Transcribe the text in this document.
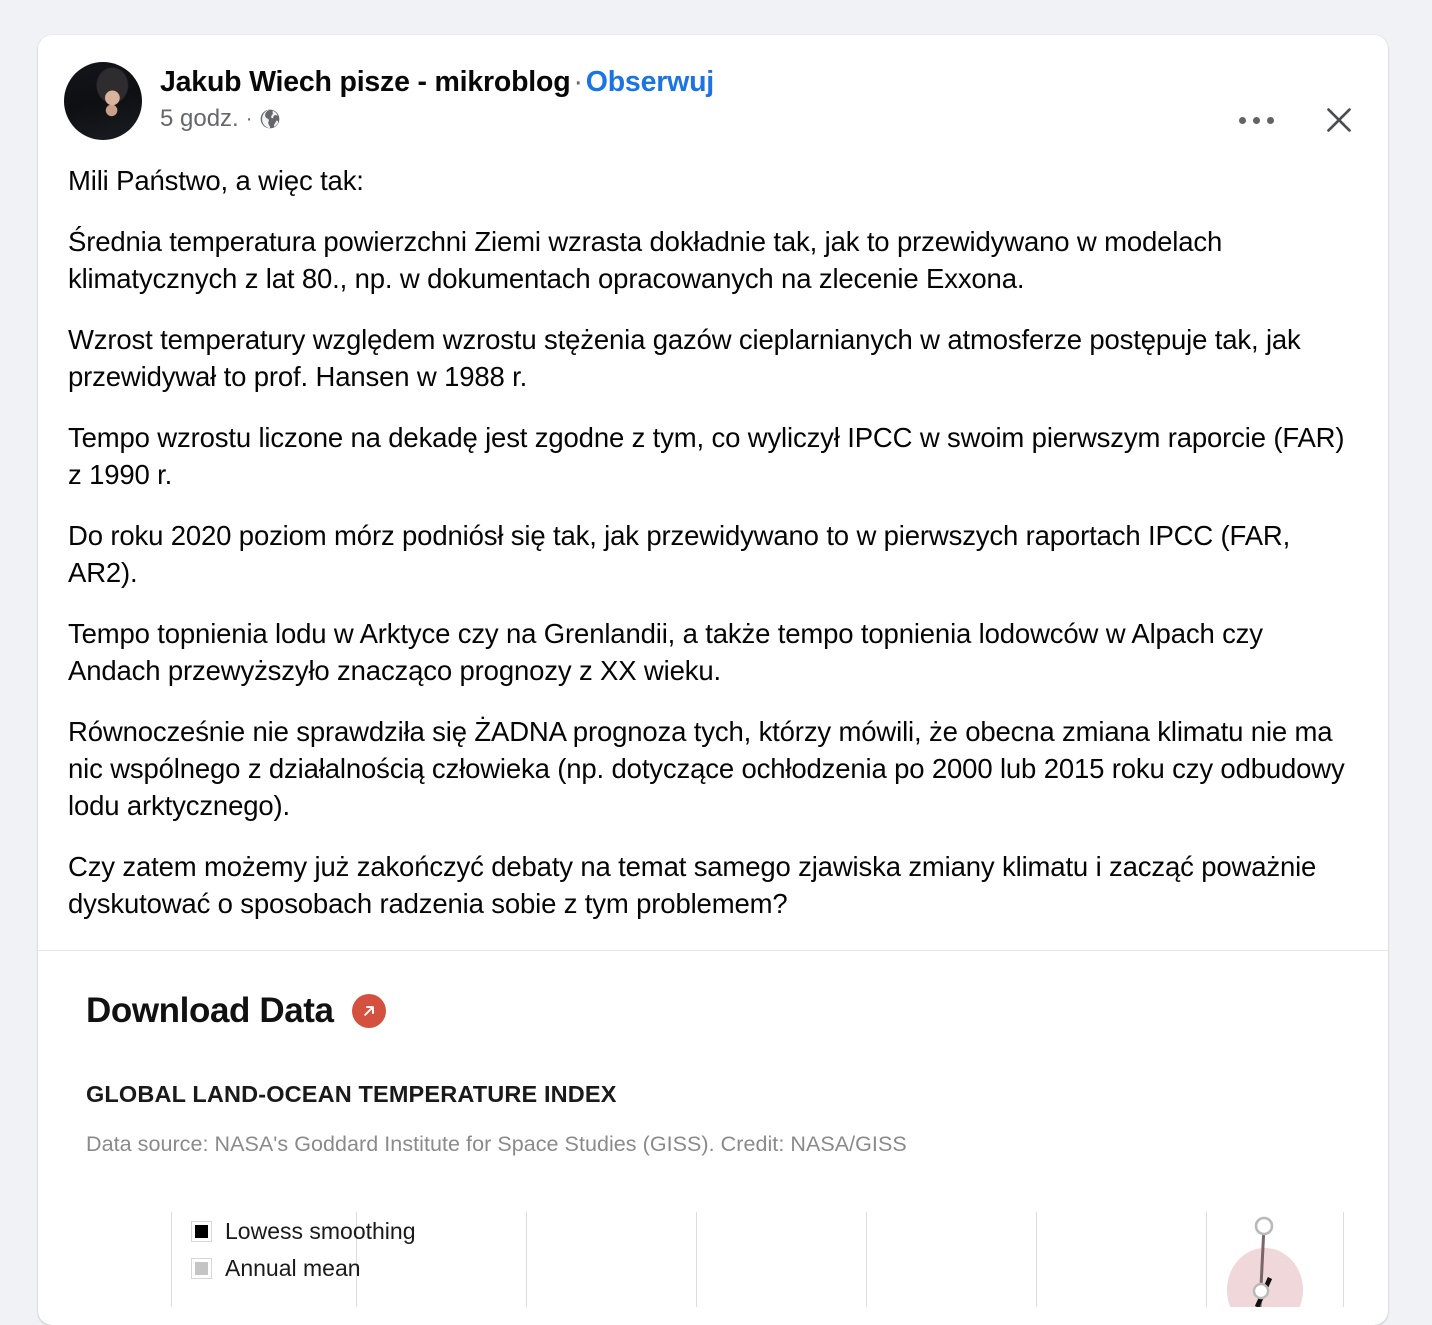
Jakub Wiech pisze - mikroblog · Obserwuj
5 godz. ·

Mili Państwo, a więc tak:

Średnia temperatura powierzchni Ziemi wzrasta dokładnie tak, jak to przewidywano w modelach klimatycznych z lat 80., np. w dokumentach opracowanych na zlecenie Exxona.

Wzrost temperatury względem wzrostu stężenia gazów cieplarnianych w atmosferze postępuje tak, jak przewidywał to prof. Hansen w 1988 r.

Tempo wzrostu liczone na dekadę jest zgodne z tym, co wyliczył IPCC w swoim pierwszym raporcie (FAR) z 1990 r.

Do roku 2020 poziom mórz podniósł się tak, jak przewidywano to w pierwszych raportach IPCC (FAR, AR2).

Tempo topnienia lodu w Arktyce czy na Grenlandii, a także tempo topnienia lodowców w Alpach czy Andach przewyższyło znacząco prognozy z XX wieku.

Równocześnie nie sprawdziła się ŻADNA prognoza tych, którzy mówili, że obecna zmiana klimatu nie ma nic wspólnego z działalnością człowieka (np. dotyczące ochłodzenia po 2000 lub 2015 roku czy odbudowy lodu arktycznego).

Czy zatem możemy już zakończyć debaty na temat samego zjawiska zmiany klimatu i zacząć poważnie dyskutować o sposobach radzenia sobie z tym problemem?

Download Data
GLOBAL LAND-OCEAN TEMPERATURE INDEX
Data source: NASA's Goddard Institute for Space Studies (GISS). Credit: NASA/GISS
Lowess smoothing
Annual mean
